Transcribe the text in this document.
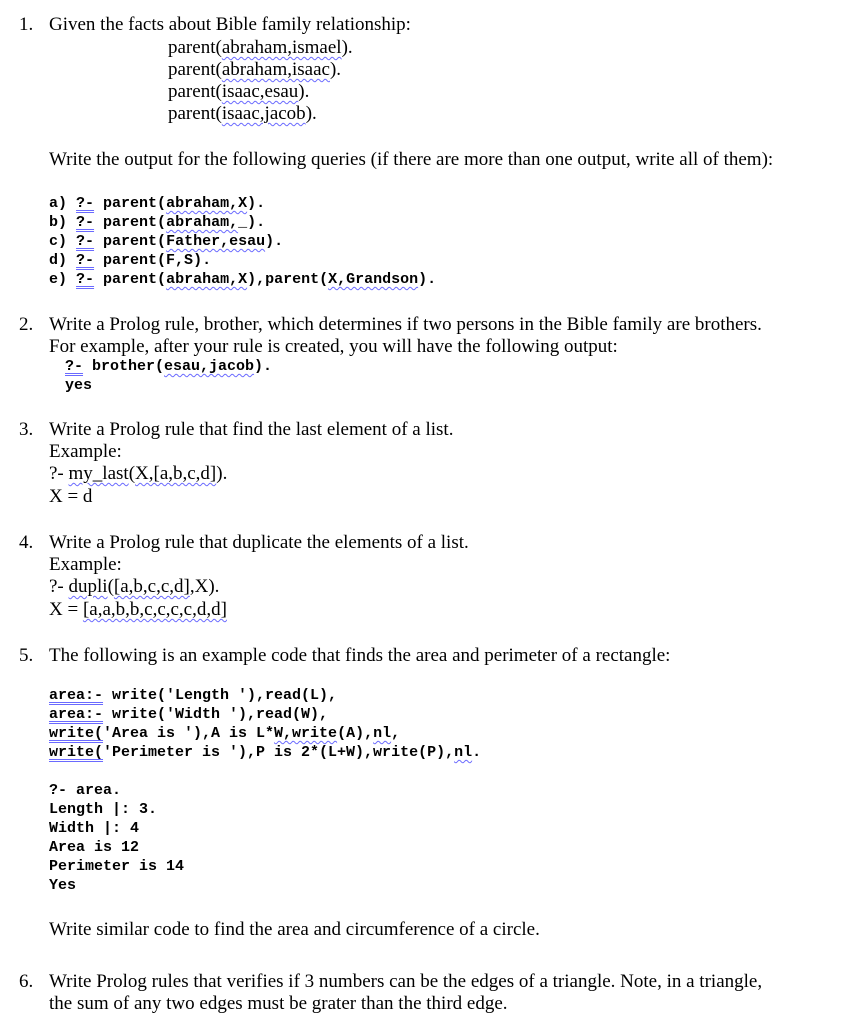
1. Given the facts about Bible family relationship:
parent(abraham,ismael).
parent(abraham,isaac).
parent(isaac,esau).
parent(isaac,jacob).
Write the output for the following queries (if there are more than one output, write all of them):
a) ?- parent(abraham,X).
b) ?- parent(abraham,_).
c) ?- parent(Father,esau).
d) ?- parent(F,S).
e) ?- parent(abraham,X),parent(X,Grandson).
2. Write a Prolog rule, brother, which determines if two persons in the Bible family are brothers. For example, after your rule is created, you will have the following output:
?- brother(esau,jacob).
yes
3. Write a Prolog rule that find the last element of a list.
Example:
?- my_last(X,[a,b,c,d]).
X = d
4. Write a Prolog rule that duplicate the elements of a list.
Example:
?- dupli([a,b,c,c,d],X).
X = [a,a,b,b,c,c,c,c,d,d]
5. The following is an example code that finds the area and perimeter of a rectangle:
area:- write('Length '),read(L),
area:- write('Width '),read(W),
write('Area is '),A is L*W,write(A),nl,
write('Perimeter is '),P is 2*(L+W),write(P),nl.
?- area.
Length |: 3.
Width |: 4
Area is 12
Perimeter is 14
Yes
Write similar code to find the area and circumference of a circle.
6. Write Prolog rules that verifies if 3 numbers can be the edges of a triangle. Note, in a triangle, the sum of any two edges must be grater than the third edge.
